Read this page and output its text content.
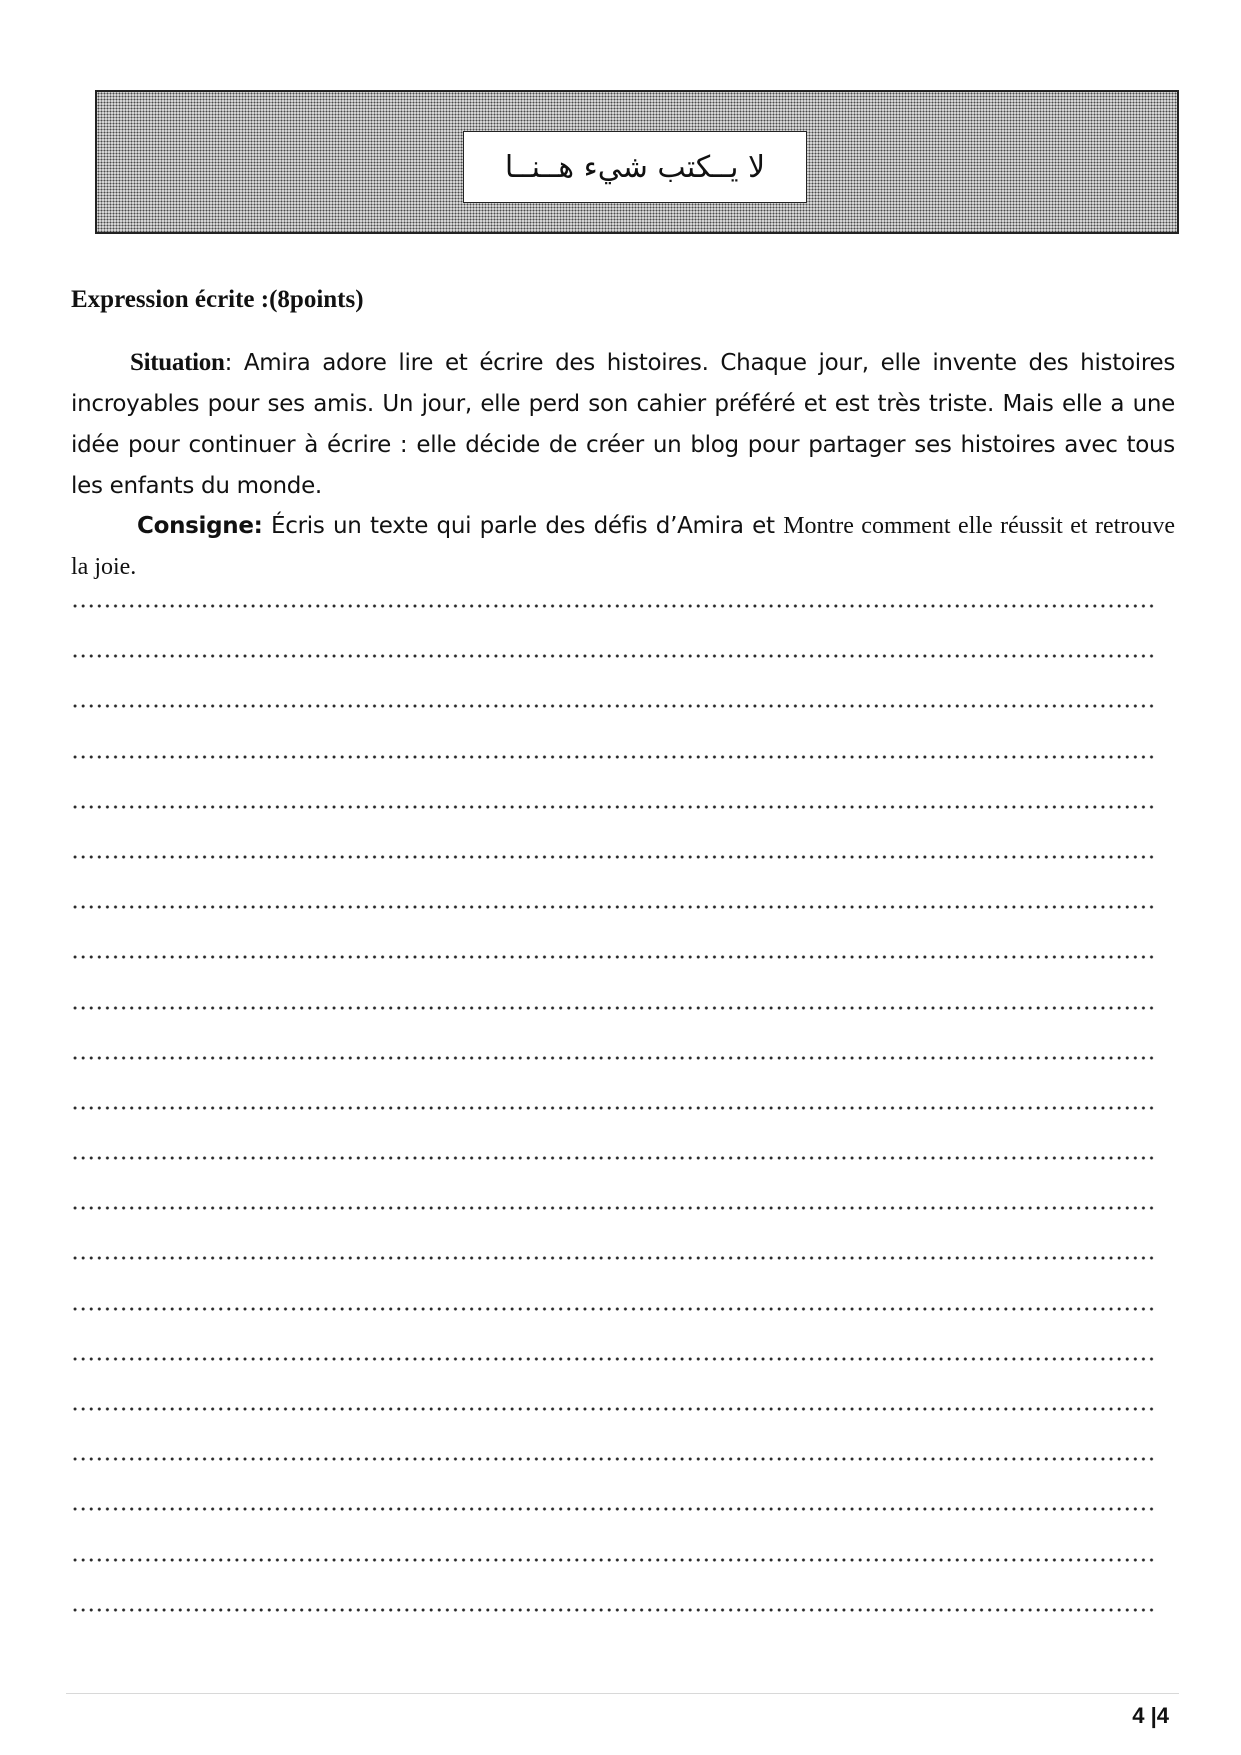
لا يــكتب شيء هــنــا
Expression écrite :(8points)

Situation: Amira adore lire et écrire des histoires. Chaque jour, elle invente des histoires incroyables pour ses amis. Un jour, elle perd son cahier préféré et est très triste. Mais elle a une idée pour continuer à écrire : elle décide de créer un blog pour partager ses histoires avec tous les enfants du monde.

Consigne: Écris un texte qui parle des défis d’Amira et Montre comment elle réussit et retrouve la joie.

4 |4
